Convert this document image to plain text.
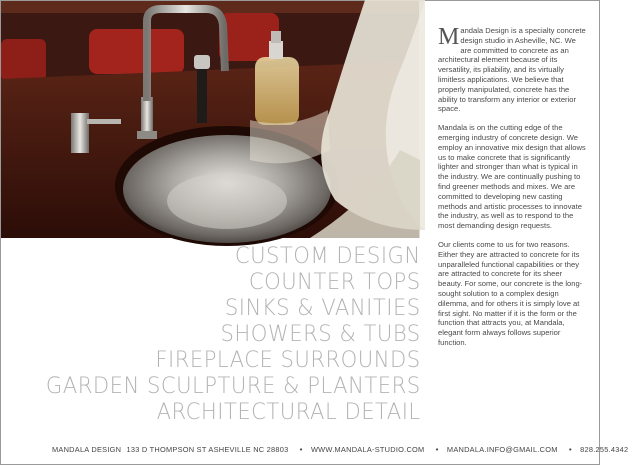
CUSTOM DESIGN
COUNTER TOPS
SINKS & VANITIES
SHOWERS & TUBS
FIREPLACE SURROUNDS
GARDEN SCULPTURE & PLANTERS
ARCHITECTURAL DETAIL

Mandala Design is a specialty concrete design studio in Asheville, NC. We are committed to concrete as an architectural element because of its versatility, its pliability, and its virtually limitless applications. We believe that properly manipulated, concrete has the ability to transform any interior or exterior space.

Mandala is on the cutting edge of the emerging industry of concrete design. We employ an innovative mix design that allows us to make concrete that is significantly lighter and stronger than what is typical in the industry. We are continually pushing to find greener methods and mixes. We are committed to developing new casting methods and artistic processes to innovate the industry, as well as to respond to the most demanding design requests.

Our clients come to us for two reasons. Either they are attracted to concrete for its unparalleled functional capabilities or they are attracted to concrete for its sheer beauty. For some, our concrete is the long-sought solution to a complex design dilemma, and for others it is simply love at first sight. No matter if it is the form or the function that attracts you, at Mandala, elegant form always follows superior function.

MANDALA DESIGN 133 D THOMPSON ST ASHEVILLE NC 28803 • WWW.MANDALA-STUDIO.COM • MANDALA.INFO@GMAIL.COM • 828.255.4342
